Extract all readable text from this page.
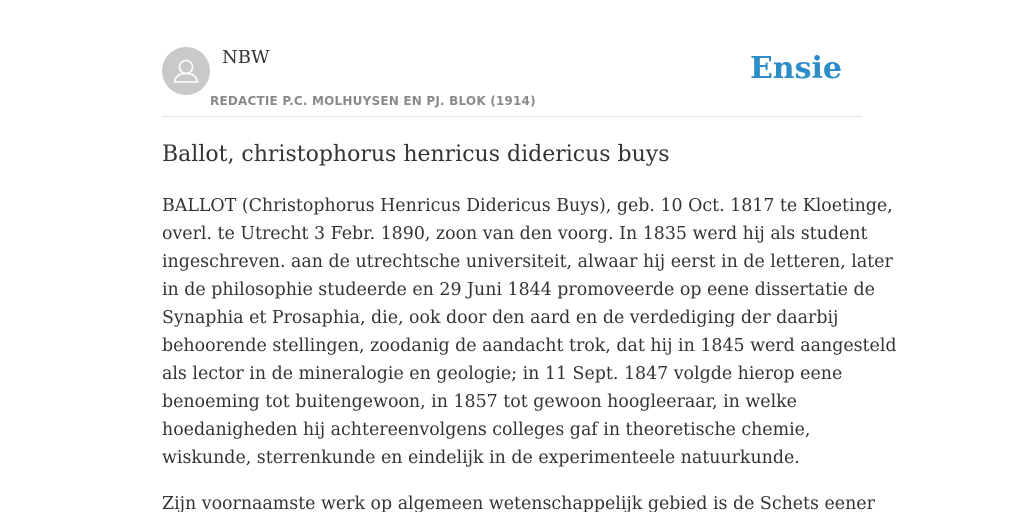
NBW
REDACTIE P.C. MOLHUYSEN EN PJ. BLOK (1914)
Ensie
Ballot, christophorus henricus didericus buys

BALLOT (Christophorus Henricus Didericus Buys), geb. 10 Oct. 1817 te Kloetinge,
overl. te Utrecht 3 Febr. 1890, zoon van den voorg. In 1835 werd hij als student
ingeschreven. aan de utrechtsche universiteit, alwaar hij eerst in de letteren, later
in de philosophie studeerde en 29 Juni 1844 promoveerde op eene dissertatie de
Synaphia et Prosaphia, die, ook door den aard en de verdediging der daarbij
behoorende stellingen, zoodanig de aandacht trok, dat hij in 1845 werd aangesteld
als lector in de mineralogie en geologie; in 11 Sept. 1847 volgde hierop eene
benoeming tot buitengewoon, in 1857 tot gewoon hoogleeraar, in welke
hoedanigheden hij achtereenvolgens colleges gaf in theoretische chemie,
wiskunde, sterrenkunde en eindelijk in de experimenteele natuurkunde.

Zijn voornaamste werk op algemeen wetenschappelijk gebied is de Schets eener
